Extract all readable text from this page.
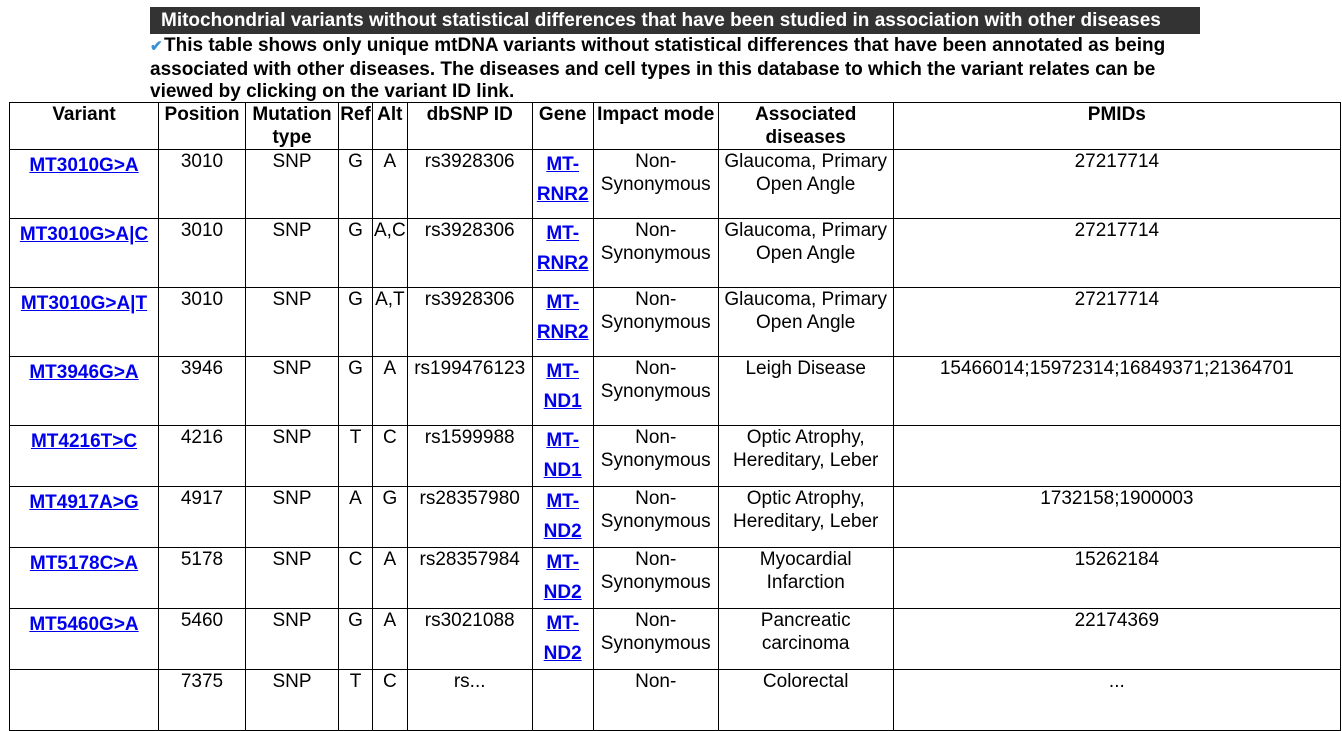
Mitochondrial variants without statistical differences that have been studied in association with other diseases
✔This table shows only unique mtDNA variants without statistical differences that have been annotated as being associated with other diseases. The diseases and cell types in this database to which the variant relates can be viewed by clicking on the variant ID link.
Variant	Position	Mutation type	Ref	Alt	dbSNP ID	Gene	Impact mode	Associated diseases	PMIDs
MT3010G>A	3010	SNP	G	A	rs3928306	MT-RNR2	Non-Synonymous	Glaucoma, Primary Open Angle	27217714
MT3010G>A|C	3010	SNP	G	A,C	rs3928306	MT-RNR2	Non-Synonymous	Glaucoma, Primary Open Angle	27217714
MT3010G>A|T	3010	SNP	G	A,T	rs3928306	MT-RNR2	Non-Synonymous	Glaucoma, Primary Open Angle	27217714
MT3946G>A	3946	SNP	G	A	rs199476123	MT-ND1	Non-Synonymous	Leigh Disease	15466014;15972314;16849371;21364701
MT4216T>C	4216	SNP	T	C	rs1599988	MT-ND1	Non-Synonymous	Optic Atrophy, Hereditary, Leber	
MT4917A>G	4917	SNP	A	G	rs28357980	MT-ND2	Non-Synonymous	Optic Atrophy, Hereditary, Leber	1732158;1900003
MT5178C>A	5178	SNP	C	A	rs28357984	MT-ND2	Non-Synonymous	Myocardial Infarction	15262184
MT5460G>A	5460	SNP	G	A	rs3021088	MT-ND2	Non-Synonymous	Pancreatic carcinoma	22174369
	7375	SNP	T	C	rs...		Non-	Colorectal	...
